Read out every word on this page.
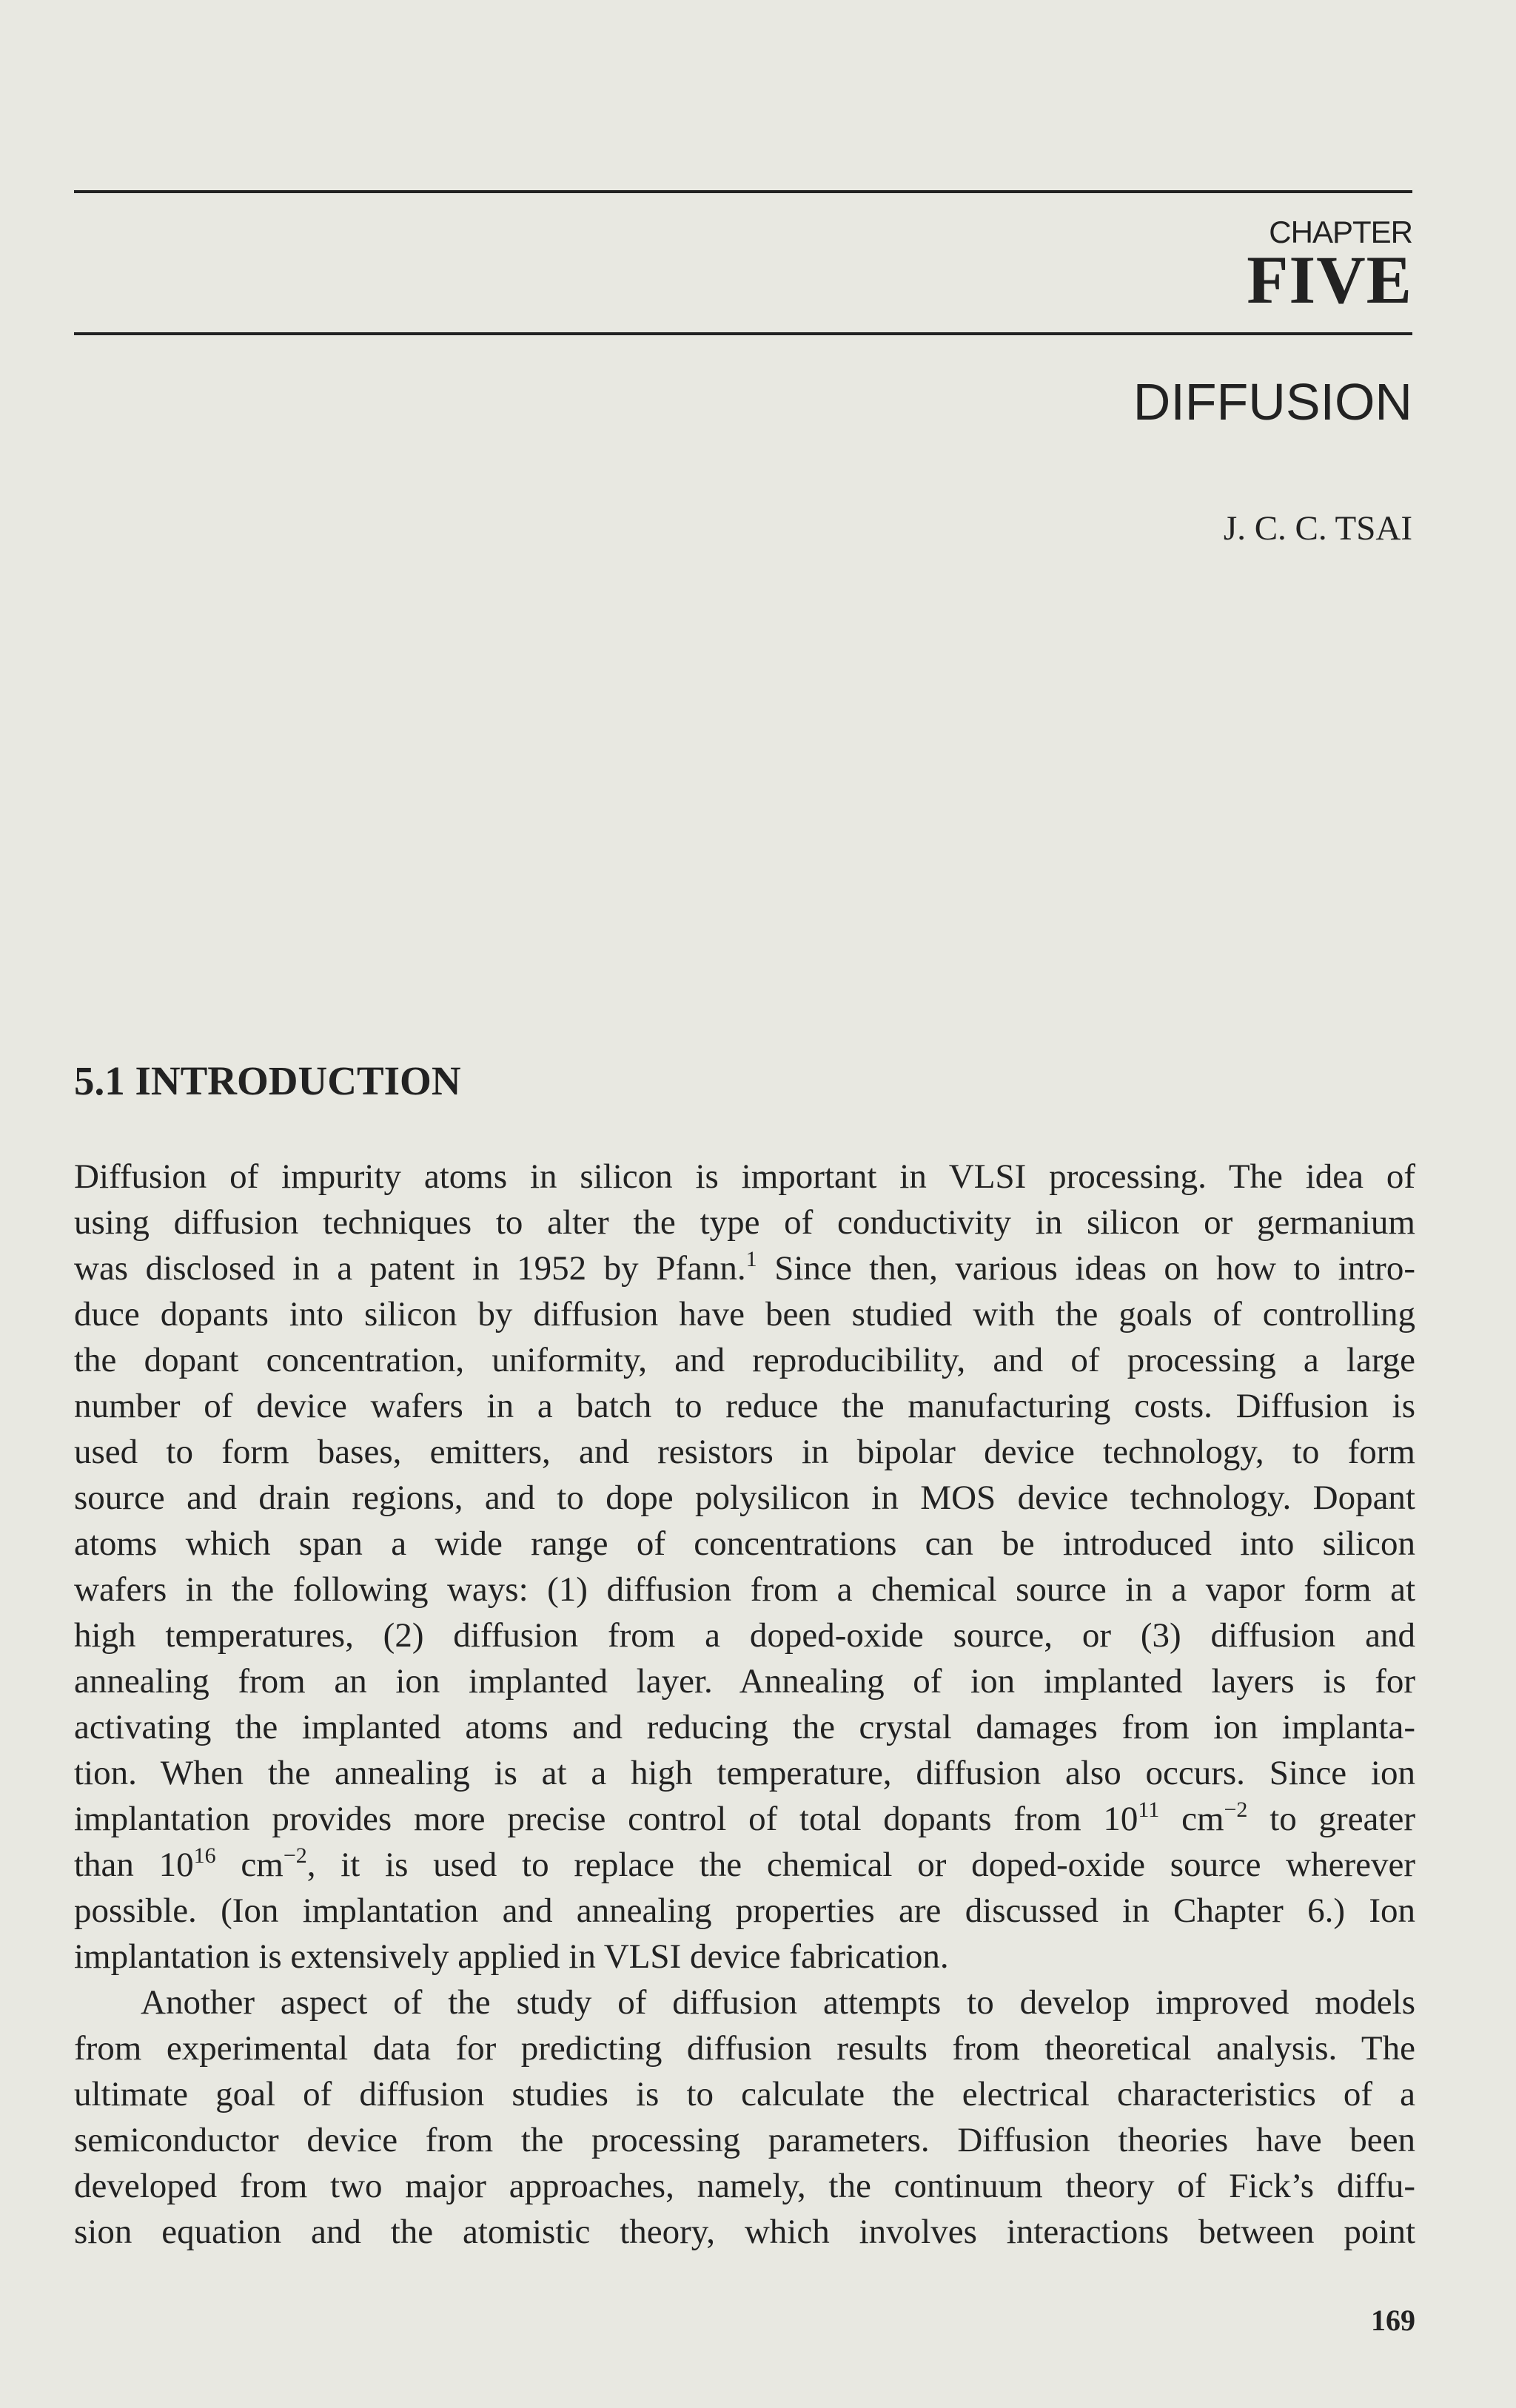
CHAPTER
FIVE
DIFFUSION
J. C. C. TSAI
5.1 INTRODUCTION
Diffusion of impurity atoms in silicon is important in VLSI processing. The idea of
using diffusion techniques to alter the type of conductivity in silicon or germanium
was disclosed in a patent in 1952 by Pfann.$^1$ Since then, various ideas on how to intro-
duce dopants into silicon by diffusion have been studied with the goals of controlling
the dopant concentration, uniformity, and reproducibility, and of processing a large
number of device wafers in a batch to reduce the manufacturing costs. Diffusion is
used to form bases, emitters, and resistors in bipolar device technology, to form
source and drain regions, and to dope polysilicon in MOS device technology. Dopant
atoms which span a wide range of concentrations can be introduced into silicon
wafers in the following ways: (1) diffusion from a chemical source in a vapor form at
high temperatures, (2) diffusion from a doped-oxide source, or (3) diffusion and
annealing from an ion implanted layer. Annealing of ion implanted layers is for
activating the implanted atoms and reducing the crystal damages from ion implanta-
tion. When the annealing is at a high temperature, diffusion also occurs. Since ion
implantation provides more precise control of total dopants from $10^{11}$ $cm^{-2}$ to greater
than $10^{16}$ $cm^{-2}$, it is used to replace the chemical or doped-oxide source wherever
possible. (Ion implantation and annealing properties are discussed in Chapter 6.) Ion
implantation is extensively applied in VLSI device fabrication.
Another aspect of the study of diffusion attempts to develop improved models
from experimental data for predicting diffusion results from theoretical analysis. The
ultimate goal of diffusion studies is to calculate the electrical characteristics of a
semiconductor device from the processing parameters. Diffusion theories have been
developed from two major approaches, namely, the continuum theory of Fick’s diffu-
sion equation and the atomistic theory, which involves interactions between point
169
